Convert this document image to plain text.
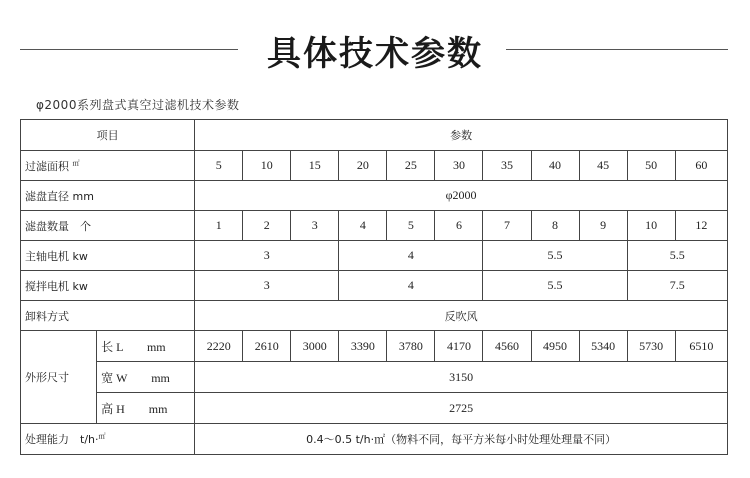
具体技术参数
φ2000系列盘式真空过滤机技术参数
项目		参数										
过滤面积 ㎡		5	10	15	20	25	30	35	40	45	50	60
滤盘直径 mm		φ2000										
滤盘数量　个		1	2	3	4	5	6	7	8	9	10	12
主轴电机 kw		3			4			5.5			5.5	
搅拌电机 kw		3			4			5.5			7.5	
卸料方式		反吹风										
外形尺寸	长 L　　mm	2220	2610	3000	3390	3780	4170	4560	4950	5340	5730	6510
	宽 W　　mm	3150										
	高 H　　mm	2725										
处理能力　t/h·㎡		0.4～0.5 t/h·㎡（物料不同，每平方米每小时处理处理量不同）										
